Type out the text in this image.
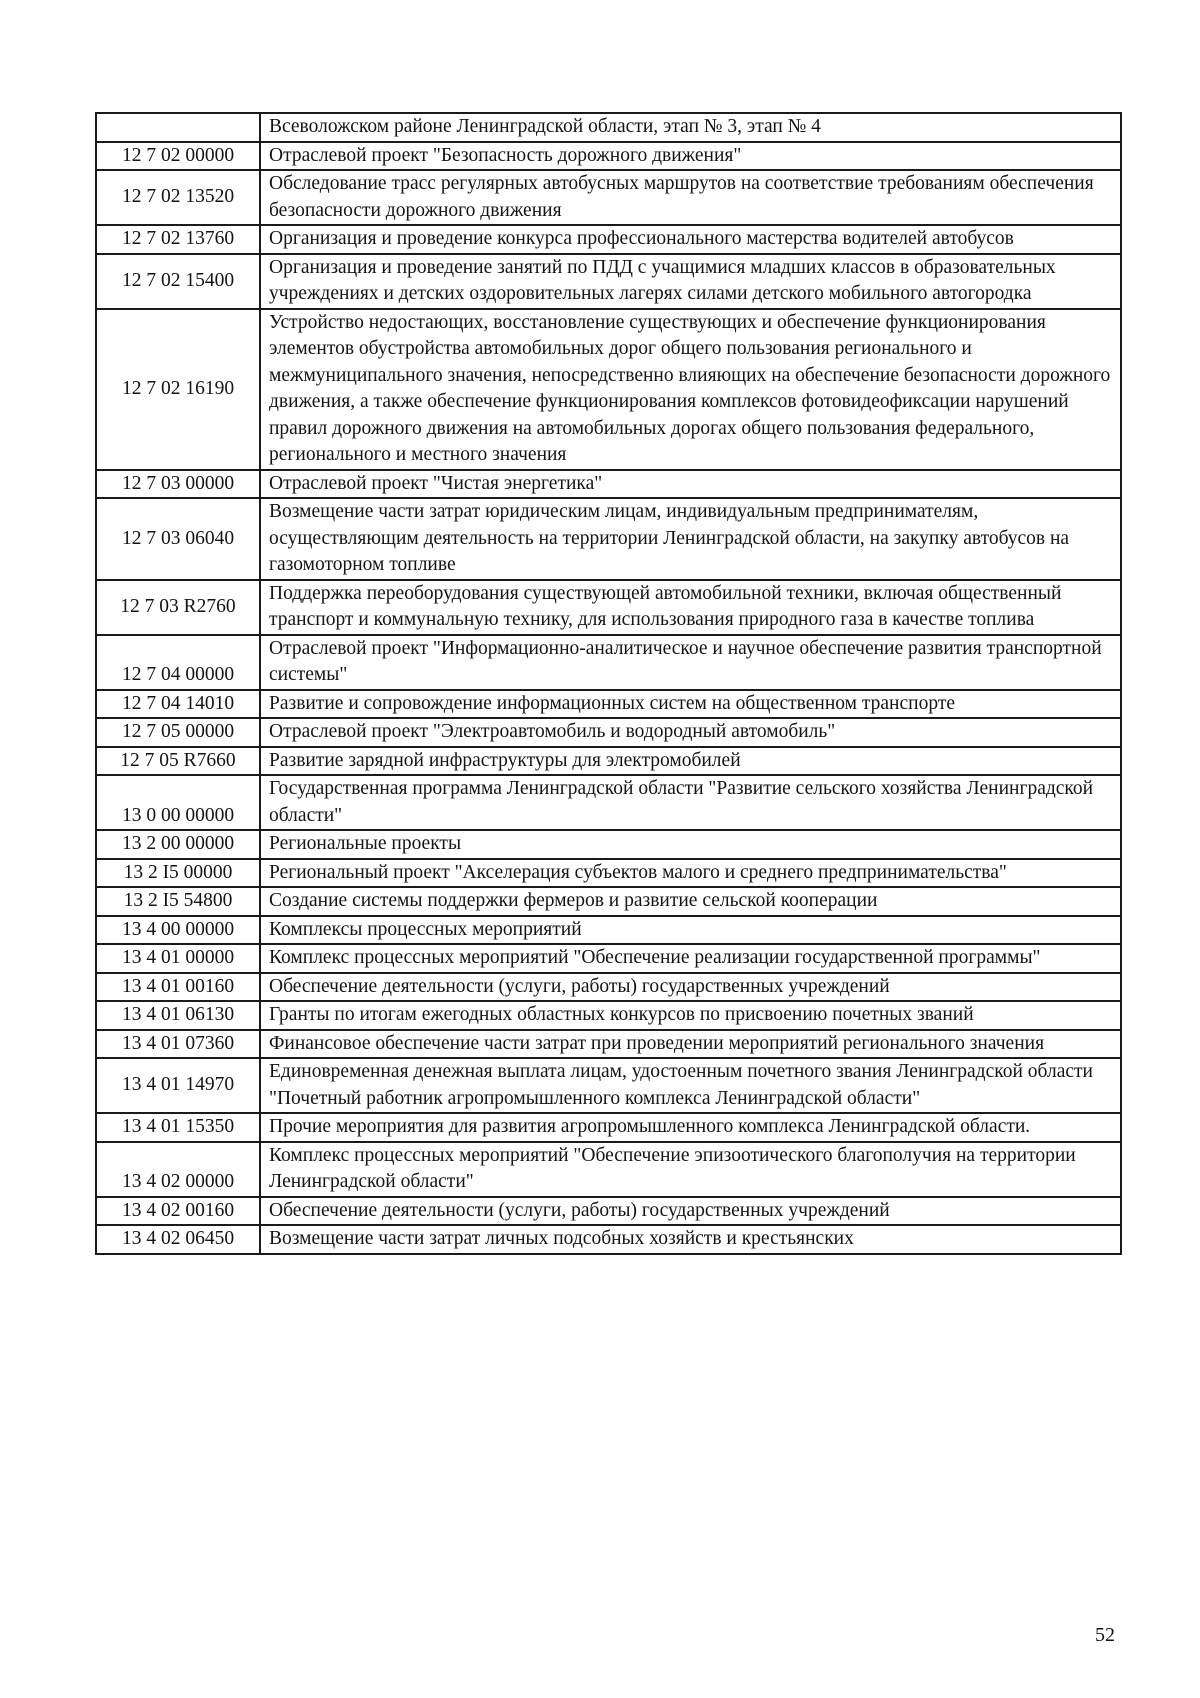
	Всеволожском районе Ленинградской области, этап № 3, этап № 4
12 7 02 00000	Отраслевой проект "Безопасность дорожного движения"
12 7 02 13520	Обследование трасс регулярных автобусных маршрутов на соответствие требованиям обеспечения безопасности дорожного движения
12 7 02 13760	Организация и проведение конкурса профессионального мастерства водителей автобусов
12 7 02 15400	Организация и проведение занятий по ПДД с учащимися младших классов в образовательных учреждениях и детских оздоровительных лагерях силами детского мобильного автогородка
12 7 02 16190	Устройство недостающих, восстановление существующих и обеспечение функционирования элементов обустройства автомобильных дорог общего пользования регионального и межмуниципального значения, непосредственно влияющих на обеспечение безопасности дорожного движения, а также обеспечение функционирования комплексов фотовидеофиксации нарушений правил дорожного движения на автомобильных дорогах общего пользования федерального, регионального и местного значения
12 7 03 00000	Отраслевой проект "Чистая энергетика"
12 7 03 06040	Возмещение части затрат юридическим лицам, индивидуальным предпринимателям, осуществляющим деятельность на территории Ленинградской области, на закупку автобусов на газомоторном топливе
12 7 03 R2760	Поддержка переоборудования существующей автомобильной техники, включая общественный транспорт и коммунальную технику, для использования природного газа в качестве топлива
12 7 04 00000	Отраслевой проект "Информационно-аналитическое и научное обеспечение развития транспортной системы"
12 7 04 14010	Развитие и сопровождение информационных систем на общественном транспорте
12 7 05 00000	Отраслевой проект "Электроавтомобиль и водородный автомобиль"
12 7 05 R7660	Развитие зарядной инфраструктуры для электромобилей
13 0 00 00000	Государственная программа Ленинградской области "Развитие сельского хозяйства Ленинградской области"
13 2 00 00000	Региональные проекты
13 2 I5 00000	Региональный проект "Акселерация субъектов малого и среднего предпринимательства"
13 2 I5 54800	Создание системы поддержки фермеров и развитие сельской кооперации
13 4 00 00000	Комплексы процессных мероприятий
13 4 01 00000	Комплекс процессных мероприятий "Обеспечение реализации государственной программы"
13 4 01 00160	Обеспечение деятельности (услуги, работы) государственных учреждений
13 4 01 06130	Гранты по итогам ежегодных областных конкурсов по присвоению почетных званий
13 4 01 07360	Финансовое обеспечение части затрат при проведении мероприятий регионального значения
13 4 01 14970	Единовременная денежная выплата лицам, удостоенным почетного звания Ленинградской области "Почетный работник агропромышленного комплекса Ленинградской области"
13 4 01 15350	Прочие мероприятия для развития агропромышленного комплекса Ленинградской области.
13 4 02 00000	Комплекс процессных мероприятий "Обеспечение эпизоотического благополучия на территории Ленинградской области"
13 4 02 00160	Обеспечение деятельности (услуги, работы) государственных учреждений
13 4 02 06450	Возмещение части затрат личных подсобных хозяйств и крестьянских
52
